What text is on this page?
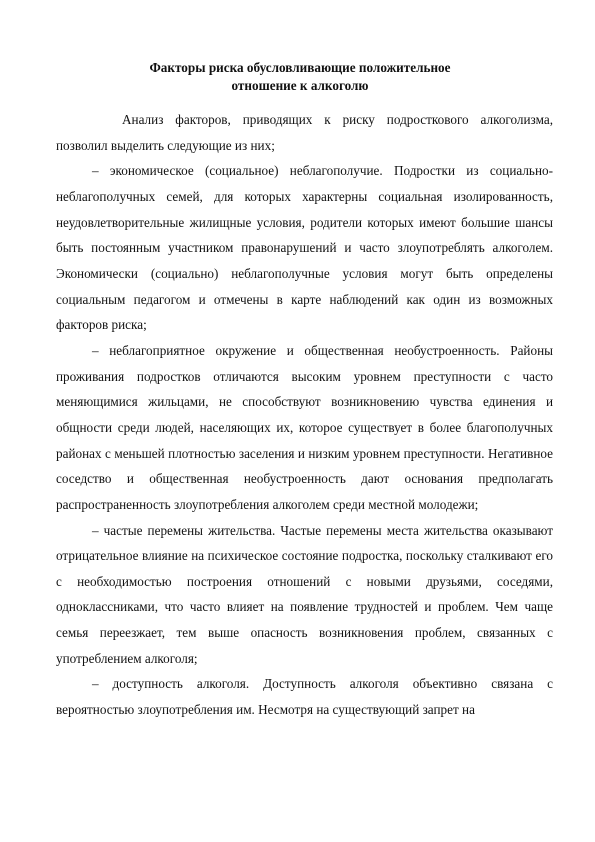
Факторы риска обусловливающие положительное

отношение к алкоголю

Анализ факторов, приводящих к риску подросткового алкоголизма, позволил выделить следующие из них;

– экономическое (социальное) неблагополучие. Подростки из социально-неблагополучных семей, для которых характерны социальная изолированность, неудовлетворительные жилищные условия, родители которых имеют большие шансы быть постоянным участником правонарушений и часто злоупотреблять алкоголем. Экономически (социально) неблагополучные условия могут быть определены социальным педагогом и отмечены в карте наблюдений как один из возможных факторов риска;

– неблагоприятное окружение и общественная необустроенность. Районы проживания подростков отличаются высоким уровнем преступности с часто меняющимися жильцами, не способствуют возникновению чувства единения и общности среди людей, населяющих их, которое существует в более благополучных районах с меньшей плотностью заселения и низким уровнем преступности. Негативное соседство и общественная необустроенность дают основания предполагать распространенность злоупотребления алкоголем среди местной молодежи;

– частые перемены жительства. Частые перемены места жительства оказывают отрицательное влияние на психическое состояние подростка, поскольку сталкивают его с необходимостью построения отношений с новыми друзьями, соседями, одноклассниками, что часто влияет на появление трудностей и проблем. Чем чаще семья переезжает, тем выше опасность возникновения проблем, связанных с употреблением алкоголя;

– доступность алкоголя. Доступность алкоголя объективно связана с вероятностью злоупотребления им. Несмотря на существующий запрет на
